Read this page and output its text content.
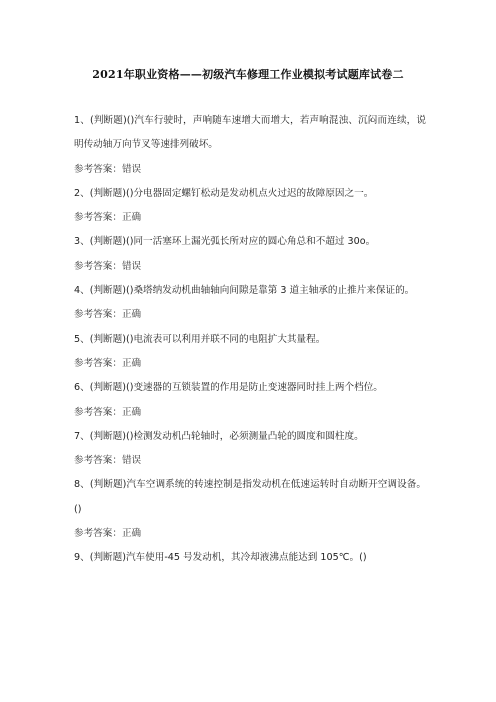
2021年职业资格——初级汽车修理工作业模拟考试题库试卷二

1、(判断题)()汽车行驶时，声响随车速增大而增大，若声响混浊、沉闷而连续，说明传动轴万向节叉等速排列破坏。

参考答案：错误

2、(判断题)()分电器固定螺钉松动是发动机点火过迟的故障原因之一。

参考答案：正确

3、(判断题)()同一活塞环上漏光弧长所对应的圆心角总和不超过 30o。

参考答案：错误

4、(判断题)()桑塔纳发动机曲轴轴向间隙是靠第 3 道主轴承的止推片来保证的。

参考答案：正确

5、(判断题)()电流表可以利用并联不同的电阻扩大其量程。

参考答案：正确

6、(判断题)()变速器的互锁装置的作用是防止变速器同时挂上两个档位。

参考答案：正确

7、(判断题)()检测发动机凸轮轴时，必须测量凸轮的圆度和圆柱度。

参考答案：错误

8、(判断题)汽车空调系统的转速控制是指发动机在低速运转时自动断开空调设备。()

参考答案：正确

9、(判断题)汽车使用-45 号发动机，其冷却液沸点能达到 105℃。()
